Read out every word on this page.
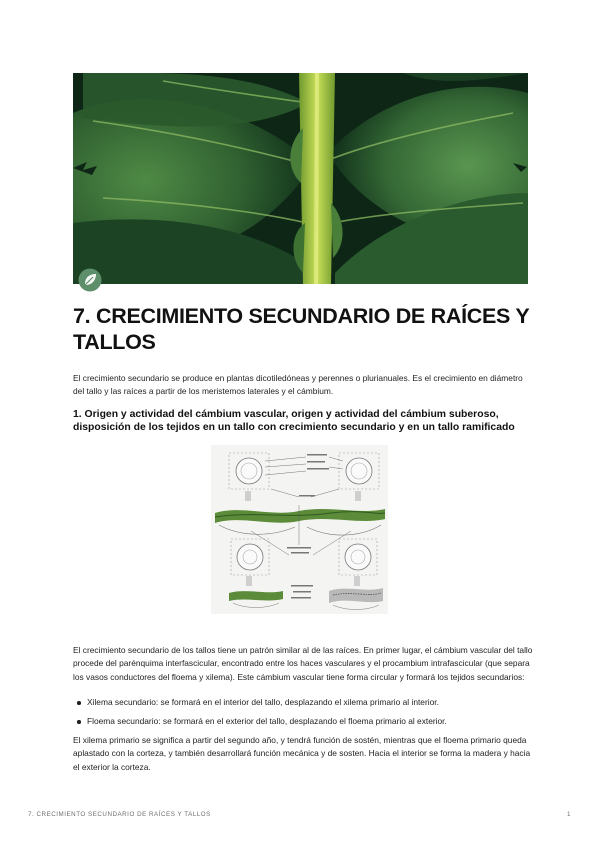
7. CRECIMIENTO SECUNDARIO DE RAÍCES Y TALLOS

El crecimiento secundario se produce en plantas dicotiledóneas y perennes o plurianuales. Es el crecimiento en diámetro del tallo y las raíces a partir de los meristemos laterales y el cámbium.

1. Origen y actividad del cámbium vascular, origen y actividad del cámbium suberoso, disposición de los tejidos en un tallo con crecimiento secundario y en un tallo ramificado

El crecimiento secundario de los tallos tiene un patrón similar al de las raíces. En primer lugar, el cámbium vascular del tallo procede del parénquima interfascicular, encontrado entre los haces vasculares y el procambium intrafascicular (que separa los vasos conductores del floema y xilema). Este cámbium vascular tiene forma circular y formará los tejidos secundarios:

Xilema secundario: se formará en el interior del tallo, desplazando el xilema primario al interior.
Floema secundario: se formará en el exterior del tallo, desplazando el floema primario al exterior.

El xilema primario se significa a partir del segundo año, y tendrá función de sostén, mientras que el floema primario queda aplastado con la corteza, y también desarrollará función mecánica y de sosten. Hacia el interior se forma la madera y hacia el exterior la corteza.

7. CRECIMIENTO SECUNDARIO DE RAÍCES Y TALLOS	1
